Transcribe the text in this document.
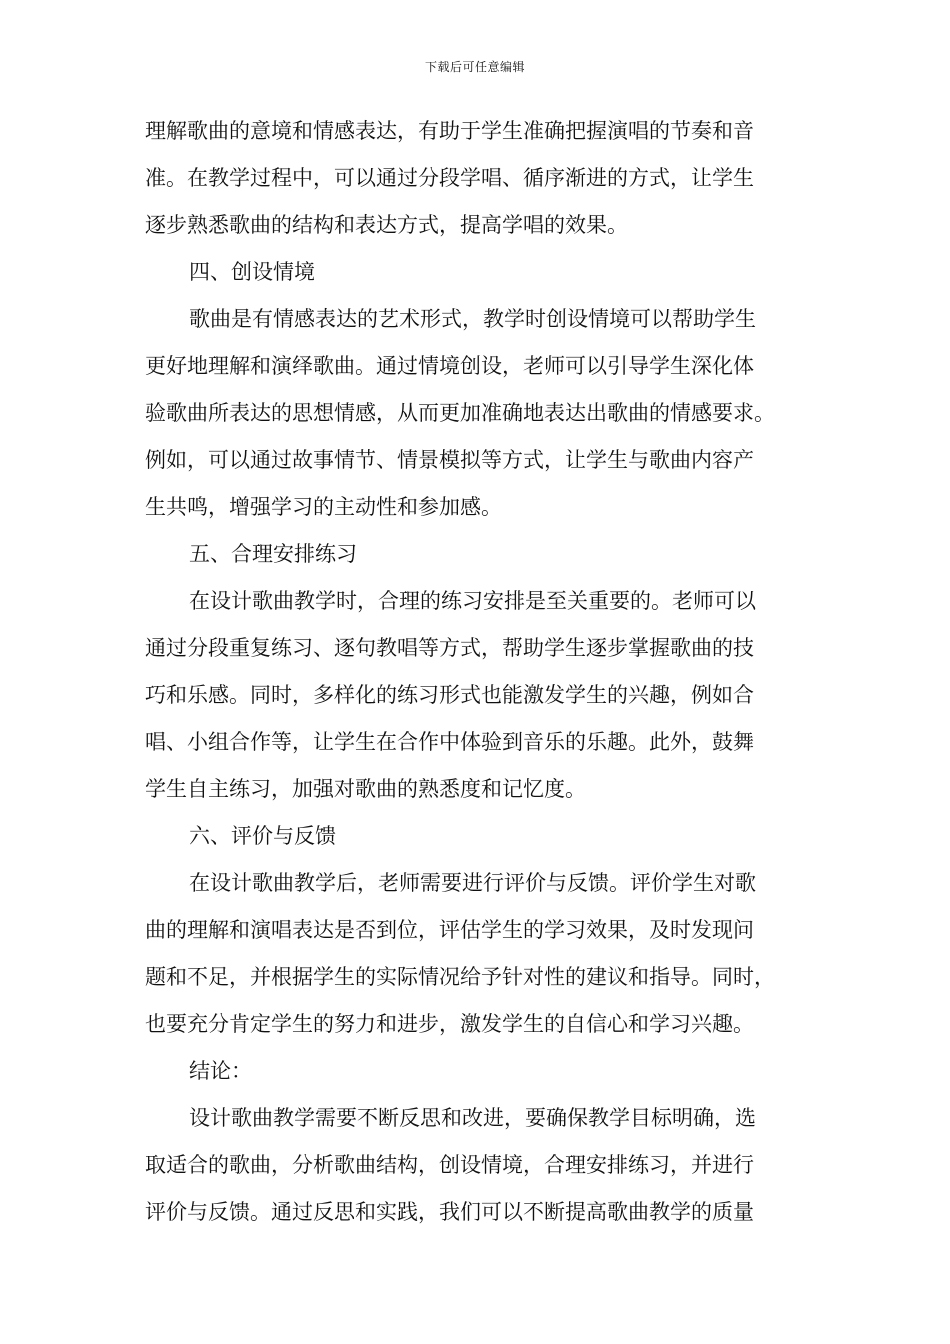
下载后可任意编辑
理解歌曲的意境和情感表达，有助于学生准确把握演唱的节奏和音
准。在教学过程中，可以通过分段学唱、循序渐进的方式，让学生
逐步熟悉歌曲的结构和表达方式，提高学唱的效果。
四、创设情境
歌曲是有情感表达的艺术形式，教学时创设情境可以帮助学生
更好地理解和演绎歌曲。通过情境创设，老师可以引导学生深化体
验歌曲所表达的思想情感，从而更加准确地表达出歌曲的情感要求。
例如，可以通过故事情节、情景模拟等方式，让学生与歌曲内容产
生共鸣，增强学习的主动性和参加感。
五、合理安排练习
在设计歌曲教学时，合理的练习安排是至关重要的。老师可以
通过分段重复练习、逐句教唱等方式，帮助学生逐步掌握歌曲的技
巧和乐感。同时，多样化的练习形式也能激发学生的兴趣，例如合
唱、小组合作等，让学生在合作中体验到音乐的乐趣。此外，鼓舞
学生自主练习，加强对歌曲的熟悉度和记忆度。
六、评价与反馈
在设计歌曲教学后，老师需要进行评价与反馈。评价学生对歌
曲的理解和演唱表达是否到位，评估学生的学习效果，及时发现问
题和不足，并根据学生的实际情况给予针对性的建议和指导。同时，
也要充分肯定学生的努力和进步，激发学生的自信心和学习兴趣。
结论：
设计歌曲教学需要不断反思和改进，要确保教学目标明确，选
取适合的歌曲，分析歌曲结构，创设情境，合理安排练习，并进行
评价与反馈。通过反思和实践，我们可以不断提高歌曲教学的质量
